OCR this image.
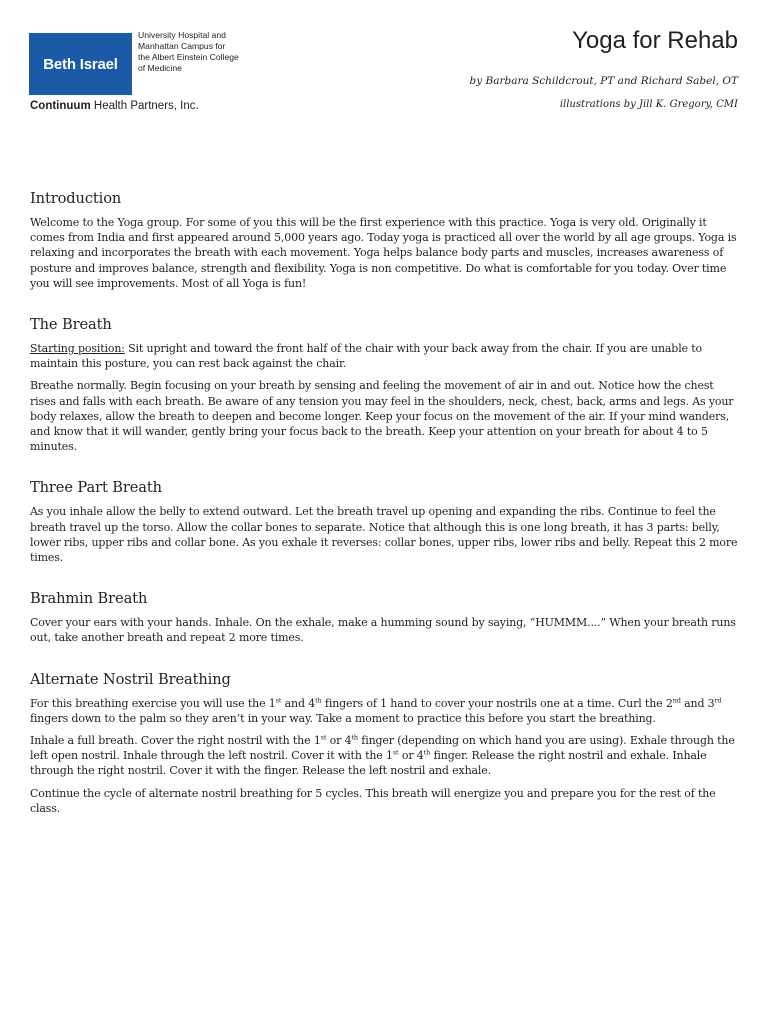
Beth Israel
University Hospital and
Manhattan Campus for
the Albert Einstein College
of Medicine
Continuum Health Partners, Inc.
Yoga for Rehab
by Barbara Schildcrout, PT and Richard Sabel, OT
illustrations by Jill K. Gregory, CMI
Introduction

Welcome to the Yoga group. For some of you this will be the first experience with this practice. Yoga is very old. Originally it comes from India and first appeared around 5,000 years ago. Today yoga is practiced all over the world by all age groups. Yoga is relaxing and incorporates the breath with each movement. Yoga helps balance body parts and muscles, increases awareness of posture and improves balance, strength and flexibility. Yoga is non competitive. Do what is comfortable for you today. Over time you will see improvements. Most of all Yoga is fun!

The Breath

Starting position: Sit upright and toward the front half of the chair with your back away from the chair. If you are unable to maintain this posture, you can rest back against the chair.

Breathe normally. Begin focusing on your breath by sensing and feeling the movement of air in and out. Notice how the chest rises and falls with each breath. Be aware of any tension you may feel in the shoulders, neck, chest, back, arms and legs. As your body relaxes, allow the breath to deepen and become longer. Keep your focus on the movement of the air. If your mind wanders, and know that it will wander, gently bring your focus back to the breath. Keep your attention on your breath for about 4 to 5 minutes.

Three Part Breath

As you inhale allow the belly to extend outward. Let the breath travel up opening and expanding the ribs. Continue to feel the breath travel up the torso. Allow the collar bones to separate. Notice that although this is one long breath, it has 3 parts: belly, lower ribs, upper ribs and collar bone. As you exhale it reverses: collar bones, upper ribs, lower ribs and belly. Repeat this 2 more times.

Brahmin Breath

Cover your ears with your hands. Inhale. On the exhale, make a humming sound by saying, “HUMMM....” When your breath runs out, take another breath and repeat 2 more times.

Alternate Nostril Breathing

For this breathing exercise you will use the 1st and 4th fingers of 1 hand to cover your nostrils one at a time. Curl the 2nd and 3rd fingers down to the palm so they aren’t in your way. Take a moment to practice this before you start the breathing.

Inhale a full breath. Cover the right nostril with the 1st or 4th finger (depending on which hand you are using). Exhale through the left open nostril. Inhale through the left nostril. Cover it with the 1st or 4th finger. Release the right nostril and exhale. Inhale through the right nostril. Cover it with the finger. Release the left nostril and exhale.

Continue the cycle of alternate nostril breathing for 5 cycles. This breath will energize you and prepare you for the rest of the class.
